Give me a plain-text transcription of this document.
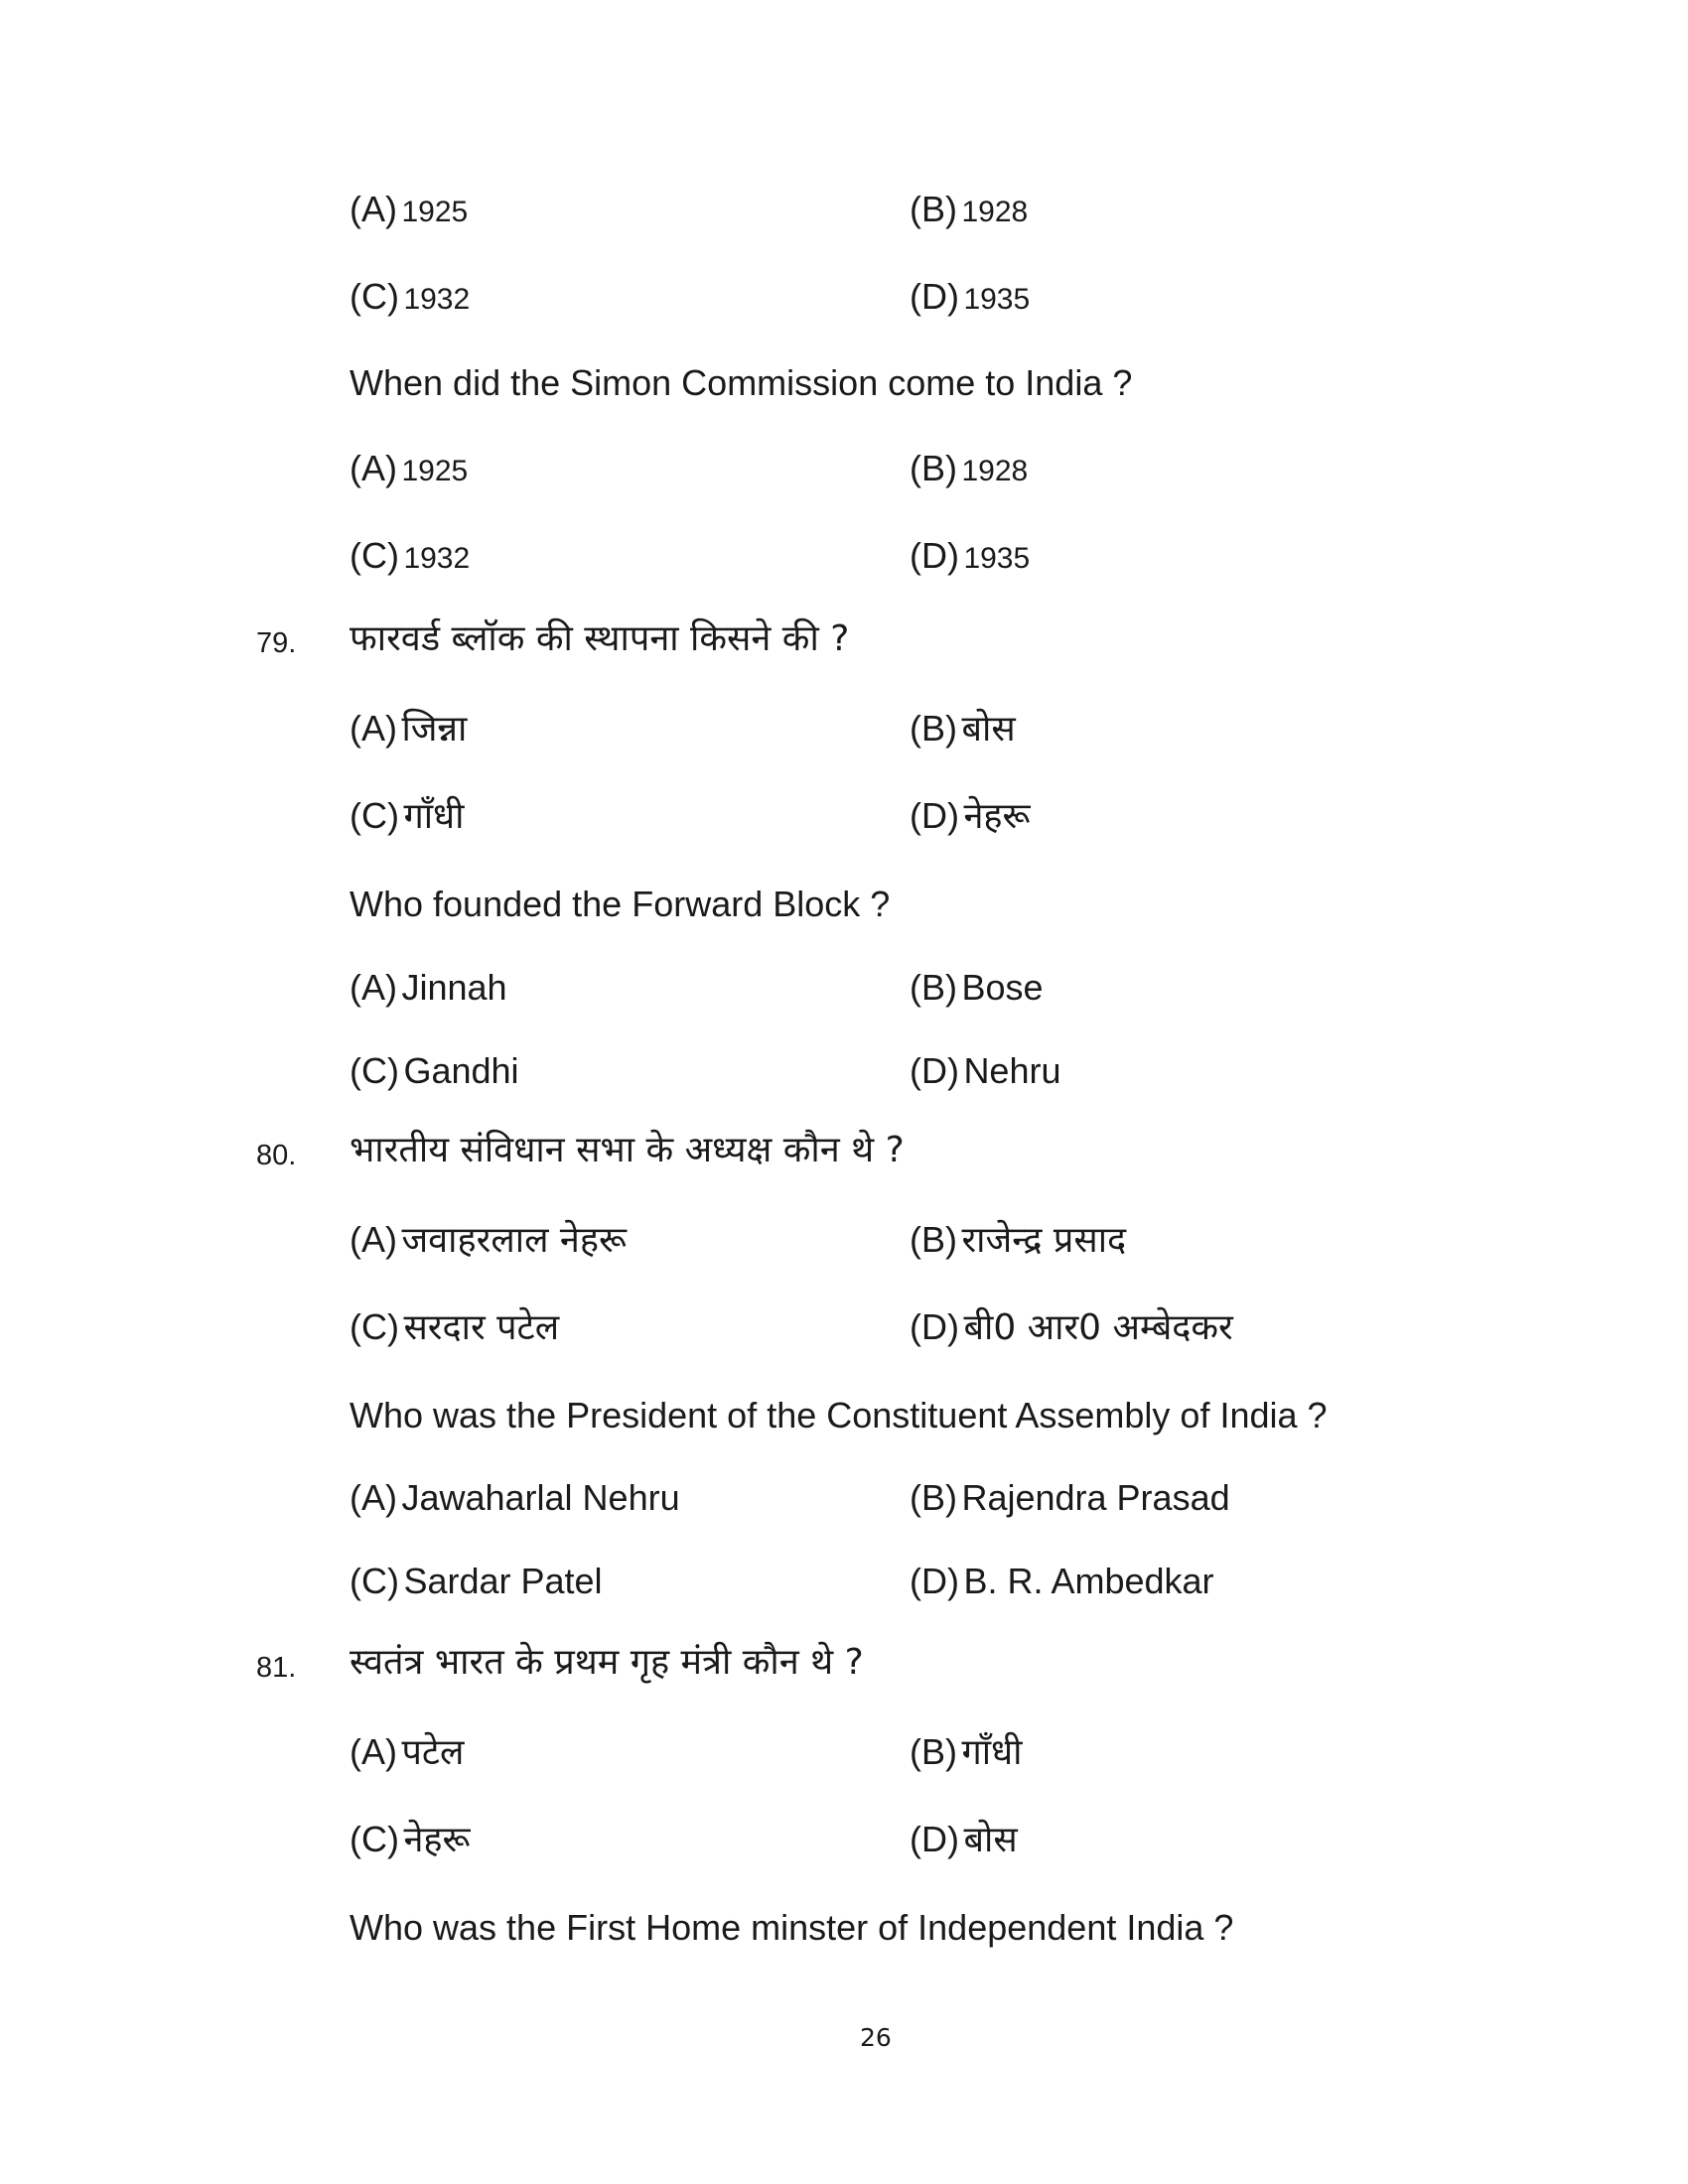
(A) 1925	(B) 1928
(C) 1932	(D) 1935
When did the Simon Commission come to India ?
(A) 1925	(B) 1928
(C) 1932	(D) 1935
79. फारवर्ड ब्लॉक की स्थापना किसने की ?
(A) जिन्ना	(B) बोस
(C) गाँधी	(D) नेहरू
Who founded the Forward Block ?
(A) Jinnah	(B) Bose
(C) Gandhi	(D) Nehru
80. भारतीय संविधान सभा के अध्यक्ष कौन थे ?
(A) जवाहरलाल नेहरू	(B) राजेन्द्र प्रसाद
(C) सरदार पटेल	(D) बी0 आर0 अम्बेदकर
Who was the President of the Constituent Assembly of India ?
(A) Jawaharlal Nehru	(B) Rajendra Prasad
(C) Sardar Patel	(D) B. R. Ambedkar
81. स्वतंत्र भारत के प्रथम गृह मंत्री कौन थे ?
(A) पटेल	(B) गाँधी
(C) नेहरू	(D) बोस
Who was the First Home minster of Independent India ?
26
